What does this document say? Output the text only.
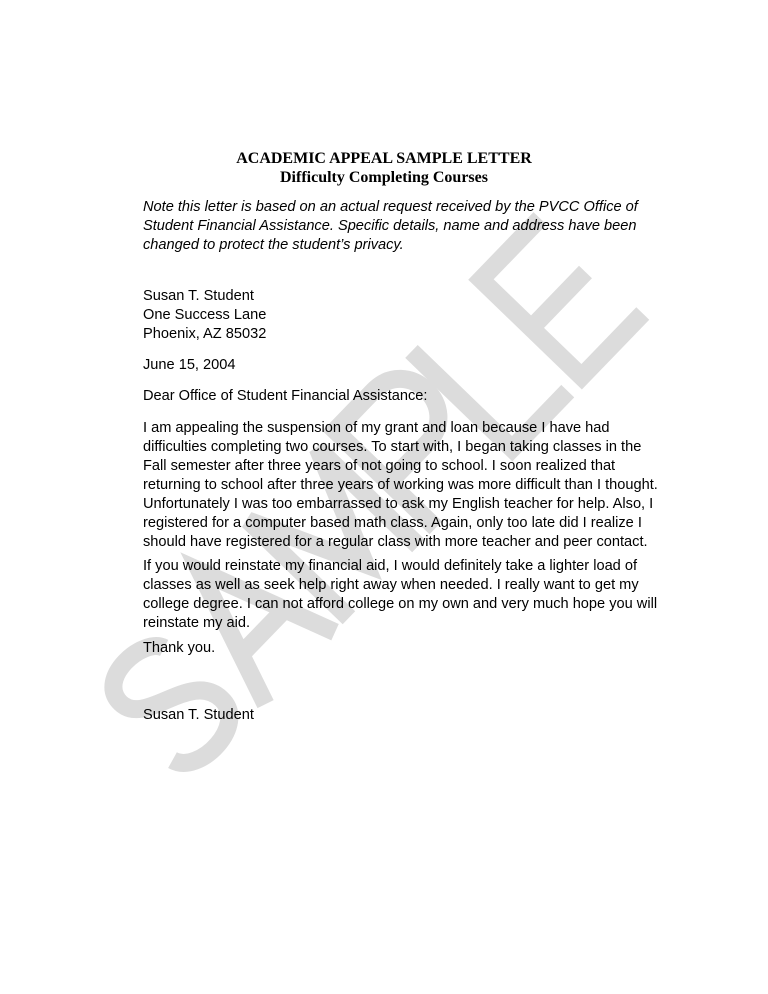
ACADEMIC APPEAL SAMPLE LETTER
Difficulty Completing Courses
Note this letter is based on an actual request received by the PVCC Office of
Student Financial Assistance. Specific details, name and address have been
changed to protect the student’s privacy.
Susan T. Student
One Success Lane
Phoenix, AZ 85032
June 15, 2004
Dear Office of Student Financial Assistance:
I am appealing the suspension of my grant and loan because I have had
difficulties completing two courses. To start with, I began taking classes in the
Fall semester after three years of not going to school. I soon realized that
returning to school after three years of working was more difficult than I thought.
Unfortunately I was too embarrassed to ask my English teacher for help. Also, I
registered for a computer based math class. Again, only too late did I realize I
should have registered for a regular class with more teacher and peer contact.
If you would reinstate my financial aid, I would definitely take a lighter load of
classes as well as seek help right away when needed. I really want to get my
college degree. I can not afford college on my own and very much hope you will
reinstate my aid.
Thank you.
Susan T. Student
